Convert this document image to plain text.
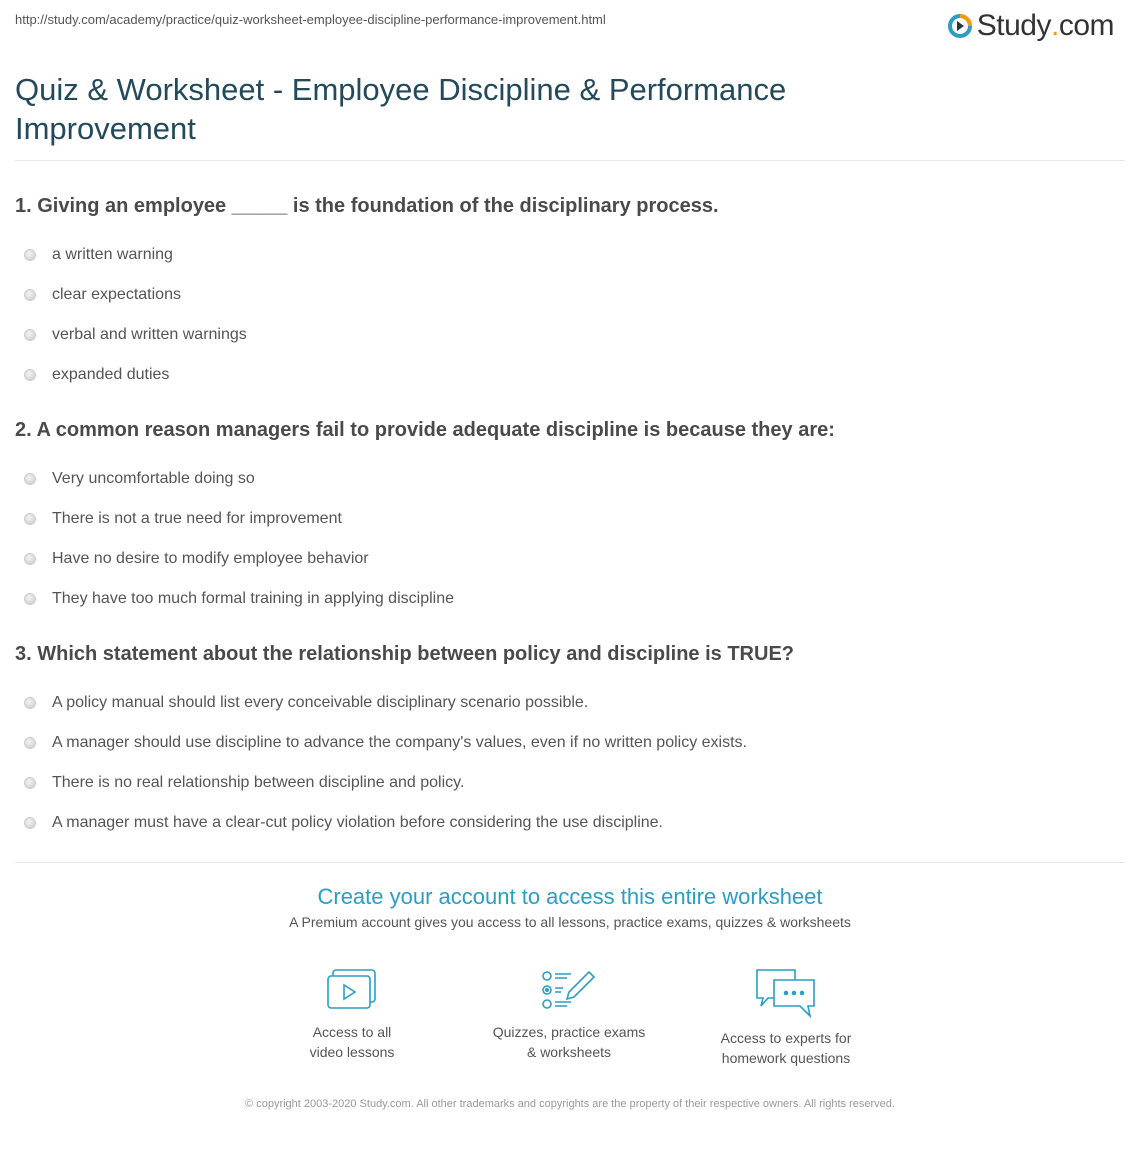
http://study.com/academy/practice/quiz-worksheet-employee-discipline-performance-improvement.html	Study . com
Quiz & Worksheet - Employee Discipline & Performance Improvement
1. Giving an employee _____ is the foundation of the disciplinary process.
a written warning
clear expectations
verbal and written warnings
expanded duties
2. A common reason managers fail to provide adequate discipline is because they are:
Very uncomfortable doing so
There is not a true need for improvement
Have no desire to modify employee behavior
They have too much formal training in applying discipline
3. Which statement about the relationship between policy and discipline is TRUE?
A policy manual should list every conceivable disciplinary scenario possible.
A manager should use discipline to advance the company's values, even if no written policy exists.
There is no real relationship between discipline and policy.
A manager must have a clear-cut policy violation before considering the use discipline.
Create your account to access this entire worksheet

A Premium account gives you access to all lessons, practice exams, quizzes & worksheets

Access to all
video lessons
Quizzes, practice exams
& worksheets
Access to experts for
homework questions
© copyright 2003-2020 Study.com. All other trademarks and copyrights are the property of their respective owners. All rights reserved.
